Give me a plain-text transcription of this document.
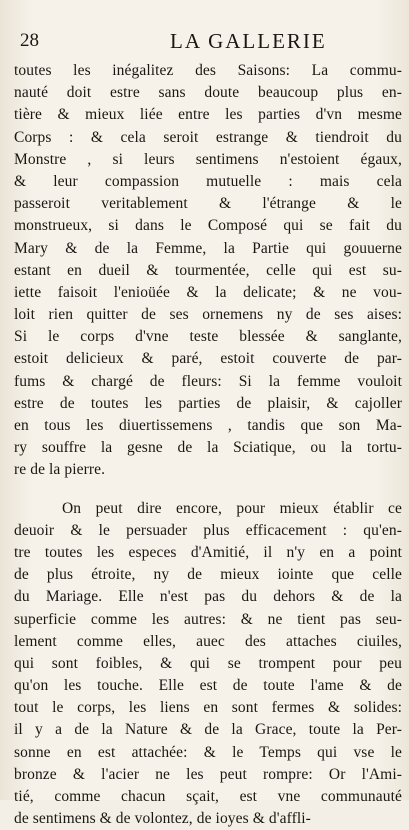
28	LA GALLERIE
toutes les inégalitez des Saisons: La commu-
nauté doit estre sans doute beaucoup plus en-
tière & mieux liée entre les parties d'vn mesme
Corps : & cela seroit estrange & tiendroit du
Monstre , si leurs sentimens n'estoient égaux,
& leur compassion mutuelle : mais cela
passeroit veritablement & l'étrange & le
monstrueux, si dans le Composé qui se fait du
Mary & de la Femme, la Partie qui gouuerne
estant en dueil & tourmentée, celle qui est su-
iette faisoit l'enioüée & la delicate; & ne vou-
loit rien quitter de ses ornemens ny de ses aises:
Si le corps d'vne teste blessée & sanglante,
estoit delicieux & paré, estoit couverte de par-
fums & chargé de fleurs: Si la femme vouloit
estre de toutes les parties de plaisir, & cajoller
en tous les diuertissemens , tandis que son Ma-
ry souffre la gesne de la Sciatique, ou la tortu-
re de la pierre.
On peut dire encore, pour mieux établir ce
deuoir & le persuader plus efficacement : qu'en-
tre toutes les especes d'Amitié, il n'y en a point
de plus étroite, ny de mieux iointe que celle
du Mariage. Elle n'est pas du dehors & de la
superficie comme les autres: & ne tient pas seu-
lement comme elles, auec des attaches ciuiles,
qui sont foibles, & qui se trompent pour peu
qu'on les touche. Elle est de toute l'ame & de
tout le corps, les liens en sont fermes & solides:
il y a de la Nature & de la Grace, toute la Per-
sonne en est attachée: & le Temps qui vse le
bronze & l'acier ne les peut rompre: Or l'Ami-
tié, comme chacun sçait, est vne communauté
de sentimens & de volontez, de ioyes & d'affli-
